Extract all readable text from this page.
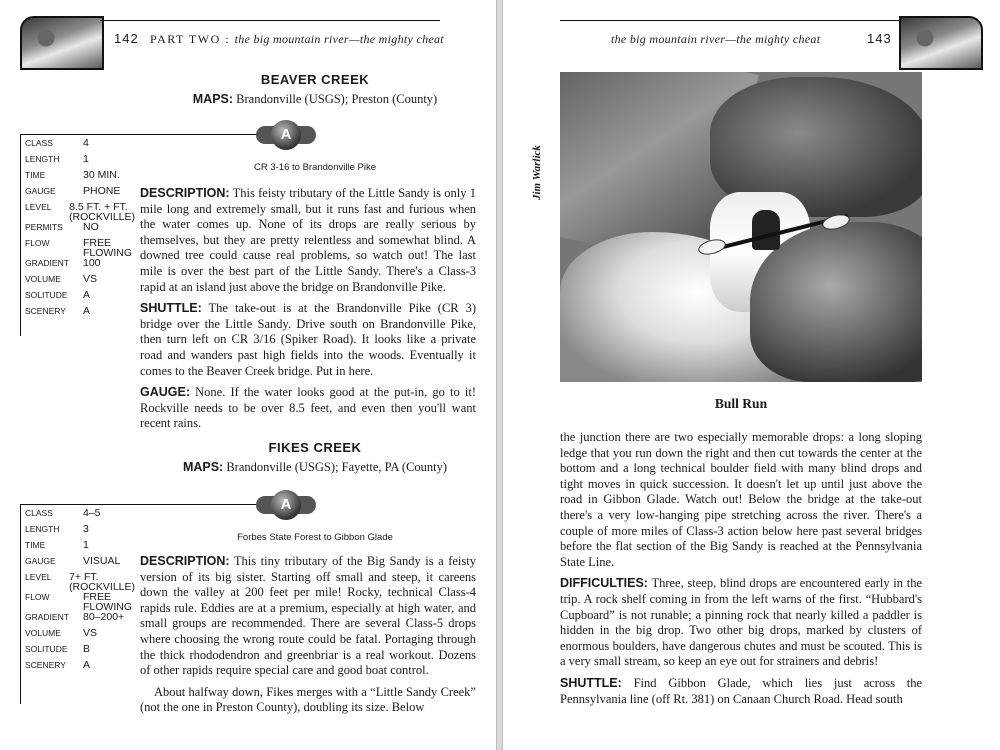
142 PART TWO : the big mountain river—the mighty cheat
BEAVER CREEK
MAPS: Brandonville (USGS); Preston (County)
A
CLASS	4
LENGTH	1
TIME	30 MIN.
GAUGE	PHONE
LEVEL	8.5 FT. + FT. (ROCKVILLE)
PERMITS	NO
FLOW	FREE FLOWING
GRADIENT	100
VOLUME	VS
SOLITUDE	A
SCENERY	A
CR 3-16 to Brandonville Pike

DESCRIPTION: This feisty tributary of the Little Sandy is only 1 mile long and extremely small, but it runs fast and furious when the water comes up. None of its drops are really serious by themselves, but they are pretty relentless and somewhat blind. A downed tree could cause real problems, so watch out! The last mile is over the best part of the Little Sandy. There's a Class-3 rapid at an island just above the bridge on Brandonville Pike.

SHUTTLE: The take-out is at the Brandonville Pike (CR 3) bridge over the Little Sandy. Drive south on Brandonville Pike, then turn left on CR 3/16 (Spiker Road). It looks like a private road and wanders past high fields into the woods. Eventually it comes to the Beaver Creek bridge. Put in here.

GAUGE: None. If the water looks good at the put-in, go to it! Rockville needs to be over 8.5 feet, and even then you'll want recent rains.

FIKES CREEK
MAPS: Brandonville (USGS); Fayette, PA (County)
A
CLASS	4–5
LENGTH	3
TIME	1
GAUGE	VISUAL
LEVEL	7+ FT. (ROCKVILLE)
FLOW	FREE FLOWING
GRADIENT	80–200+
VOLUME	VS
SOLITUDE	B
SCENERY	A
Forbes State Forest to Gibbon Glade

DESCRIPTION: This tiny tributary of the Big Sandy is a feisty version of its big sister. Starting off small and steep, it careens down the valley at 200 feet per mile! Rocky, technical Class-4 rapids rule. Eddies are at a premium, especially at high water, and small groups are recommended. There are several Class-5 drops where choosing the wrong route could be fatal. Portaging through the thick rhododendron and greenbriar is a real workout. Dozens of other rapids require special care and good boat control.

About halfway down, Fikes merges with a “Little Sandy Creek” (not the one in Preston County), doubling its size. Below

the big mountain river—the mighty cheat	143
Jim Warlick
Bull Run

the junction there are two especially memorable drops: a long sloping ledge that you run down the right and then cut towards the center at the bottom and a long technical boulder field with many blind drops and tight moves in quick succession. It doesn't let up until just above the road in Gibbon Glade. Watch out! Below the bridge at the take-out there's a very low-hanging pipe stretching across the river. There's a couple of more miles of Class-3 action below here past several bridges before the flat section of the Big Sandy is reached at the Pennsylvania State Line.

DIFFICULTIES: Three, steep, blind drops are encountered early in the trip. A rock shelf coming in from the left warns of the first. “Hubbard's Cupboard” is not runable; a pinning rock that nearly killed a paddler is hidden in the big drop. Two other big drops, marked by clusters of enormous boulders, have dangerous chutes and must be scouted. This is a very small stream, so keep an eye out for strainers and debris!

SHUTTLE: Find Gibbon Glade, which lies just across the Pennsylvania line (off Rt. 381) on Canaan Church Road. Head south
